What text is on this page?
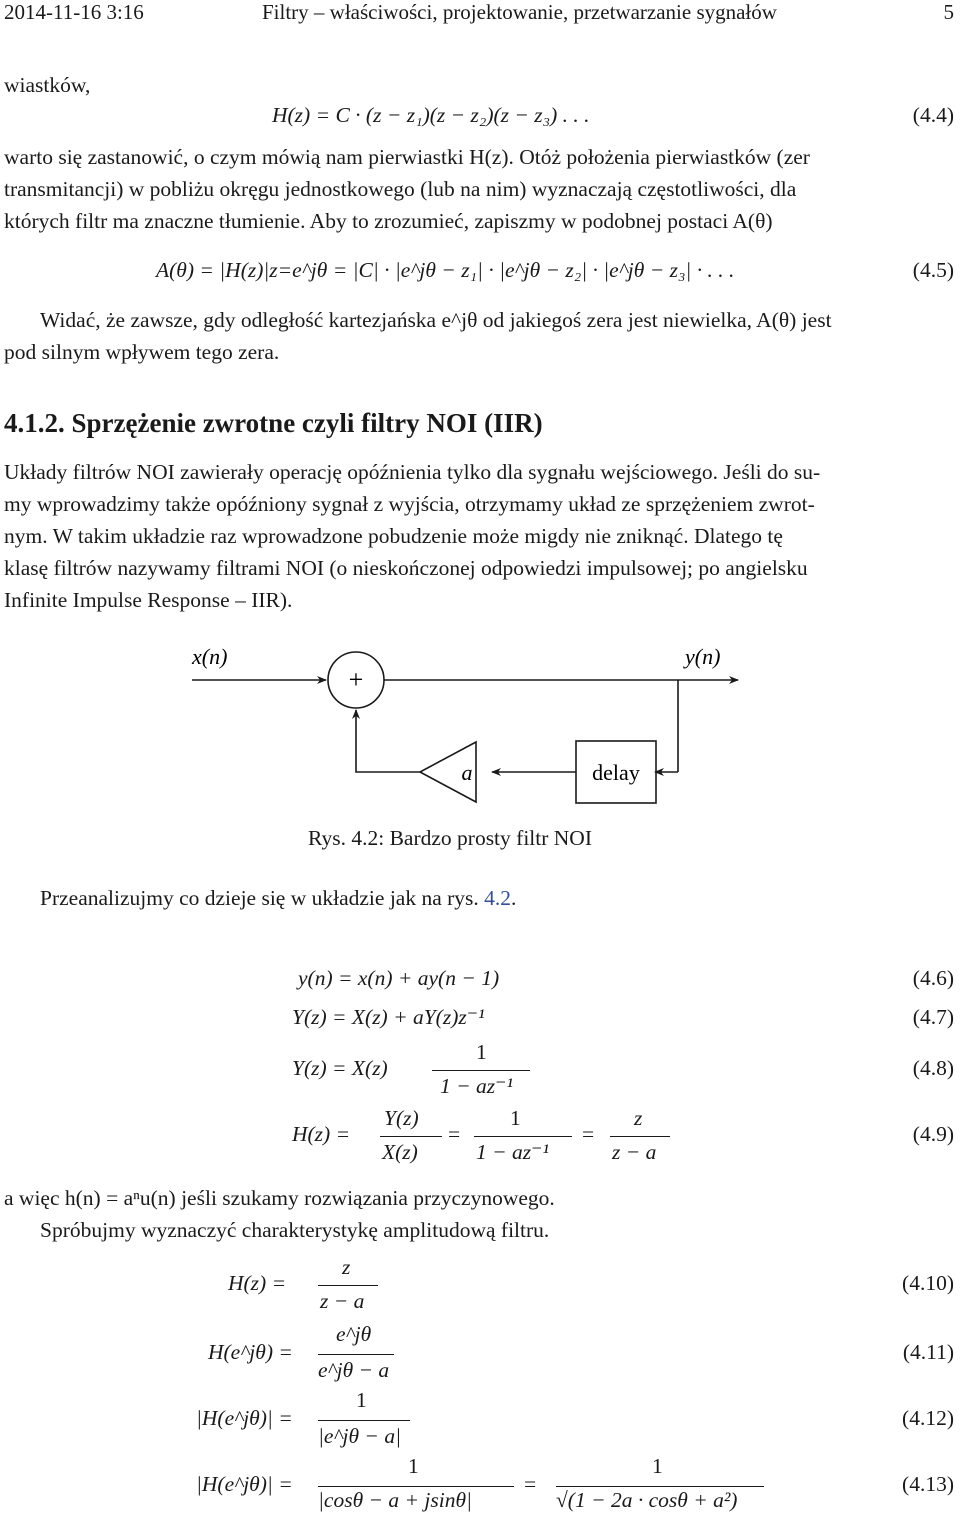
2014-11-16 3:16	Filtry – właściwości, projektowanie, przetwarzanie sygnałów	5
wiastków,
H(z) = C · (z − z₁)(z − z₂)(z − z₃) . . .	(4.4)
warto się zastanowić, o czym mówią nam pierwiastki H(z). Otóż położenia pierwiastków (zer
transmitancji) w pobliżu okręgu jednostkowego (lub na nim) wyznaczają częstotliwości, dla
których filtr ma znaczne tłumienie. Aby to zrozumieć, zapiszmy w podobnej postaci A(θ)
A(θ) = |H(z)|z=e^jθ = |C| · |e^jθ − z₁| · |e^jθ − z₂| · |e^jθ − z₃| · . . .	(4.5)
Widać, że zawsze, gdy odległość kartezjańska e^jθ od jakiegoś zera jest niewielka, A(θ) jest
pod silnym wpływem tego zera.
4.1.2. Sprzężenie zwrotne czyli filtry NOI (IIR)
Układy filtrów NOI zawierały operację opóźnienia tylko dla sygnału wejściowego. Jeśli do su-
my wprowadzimy także opóźniony sygnał z wyjścia, otrzymamy układ ze sprzężeniem zwrot-
nym. W takim układzie raz wprowadzone pobudzenie może migdy nie zniknąć. Dlatego tę
klasę filtrów nazywamy filtrami NOI (o nieskończonej odpowiedzi impulsowej; po angielsku
Infinite Impulse Response – IIR).
x(n)	y(n)
+
a	delay
Rys. 4.2: Bardzo prosty filtr NOI
Przeanalizujmy co dzieje się w układzie jak na rys. 4.2.
y(n) = x(n) + ay(n − 1)	(4.6)
Y(z) = X(z) + aY(z)z⁻¹	(4.7)
Y(z) = X(z)
1
1 − az⁻¹
(4.8)
H(z) =
Y(z)
X(z)
=
1
1 − az⁻¹
=
z
z − a
(4.9)
a więc h(n) = aⁿu(n) jeśli szukamy rozwiązania przyczynowego.
Spróbujmy wyznaczyć charakterystykę amplitudową filtru.
H(z) =
z
z − a
(4.10)
H(e^jθ) =
e^jθ
e^jθ − a
(4.11)
|H(e^jθ)| =
1
|e^jθ − a|
(4.12)
|H(e^jθ)| =
1
|cosθ − a + jsinθ|
=
1
√(1 − 2a · cosθ + a²)
(4.13)
